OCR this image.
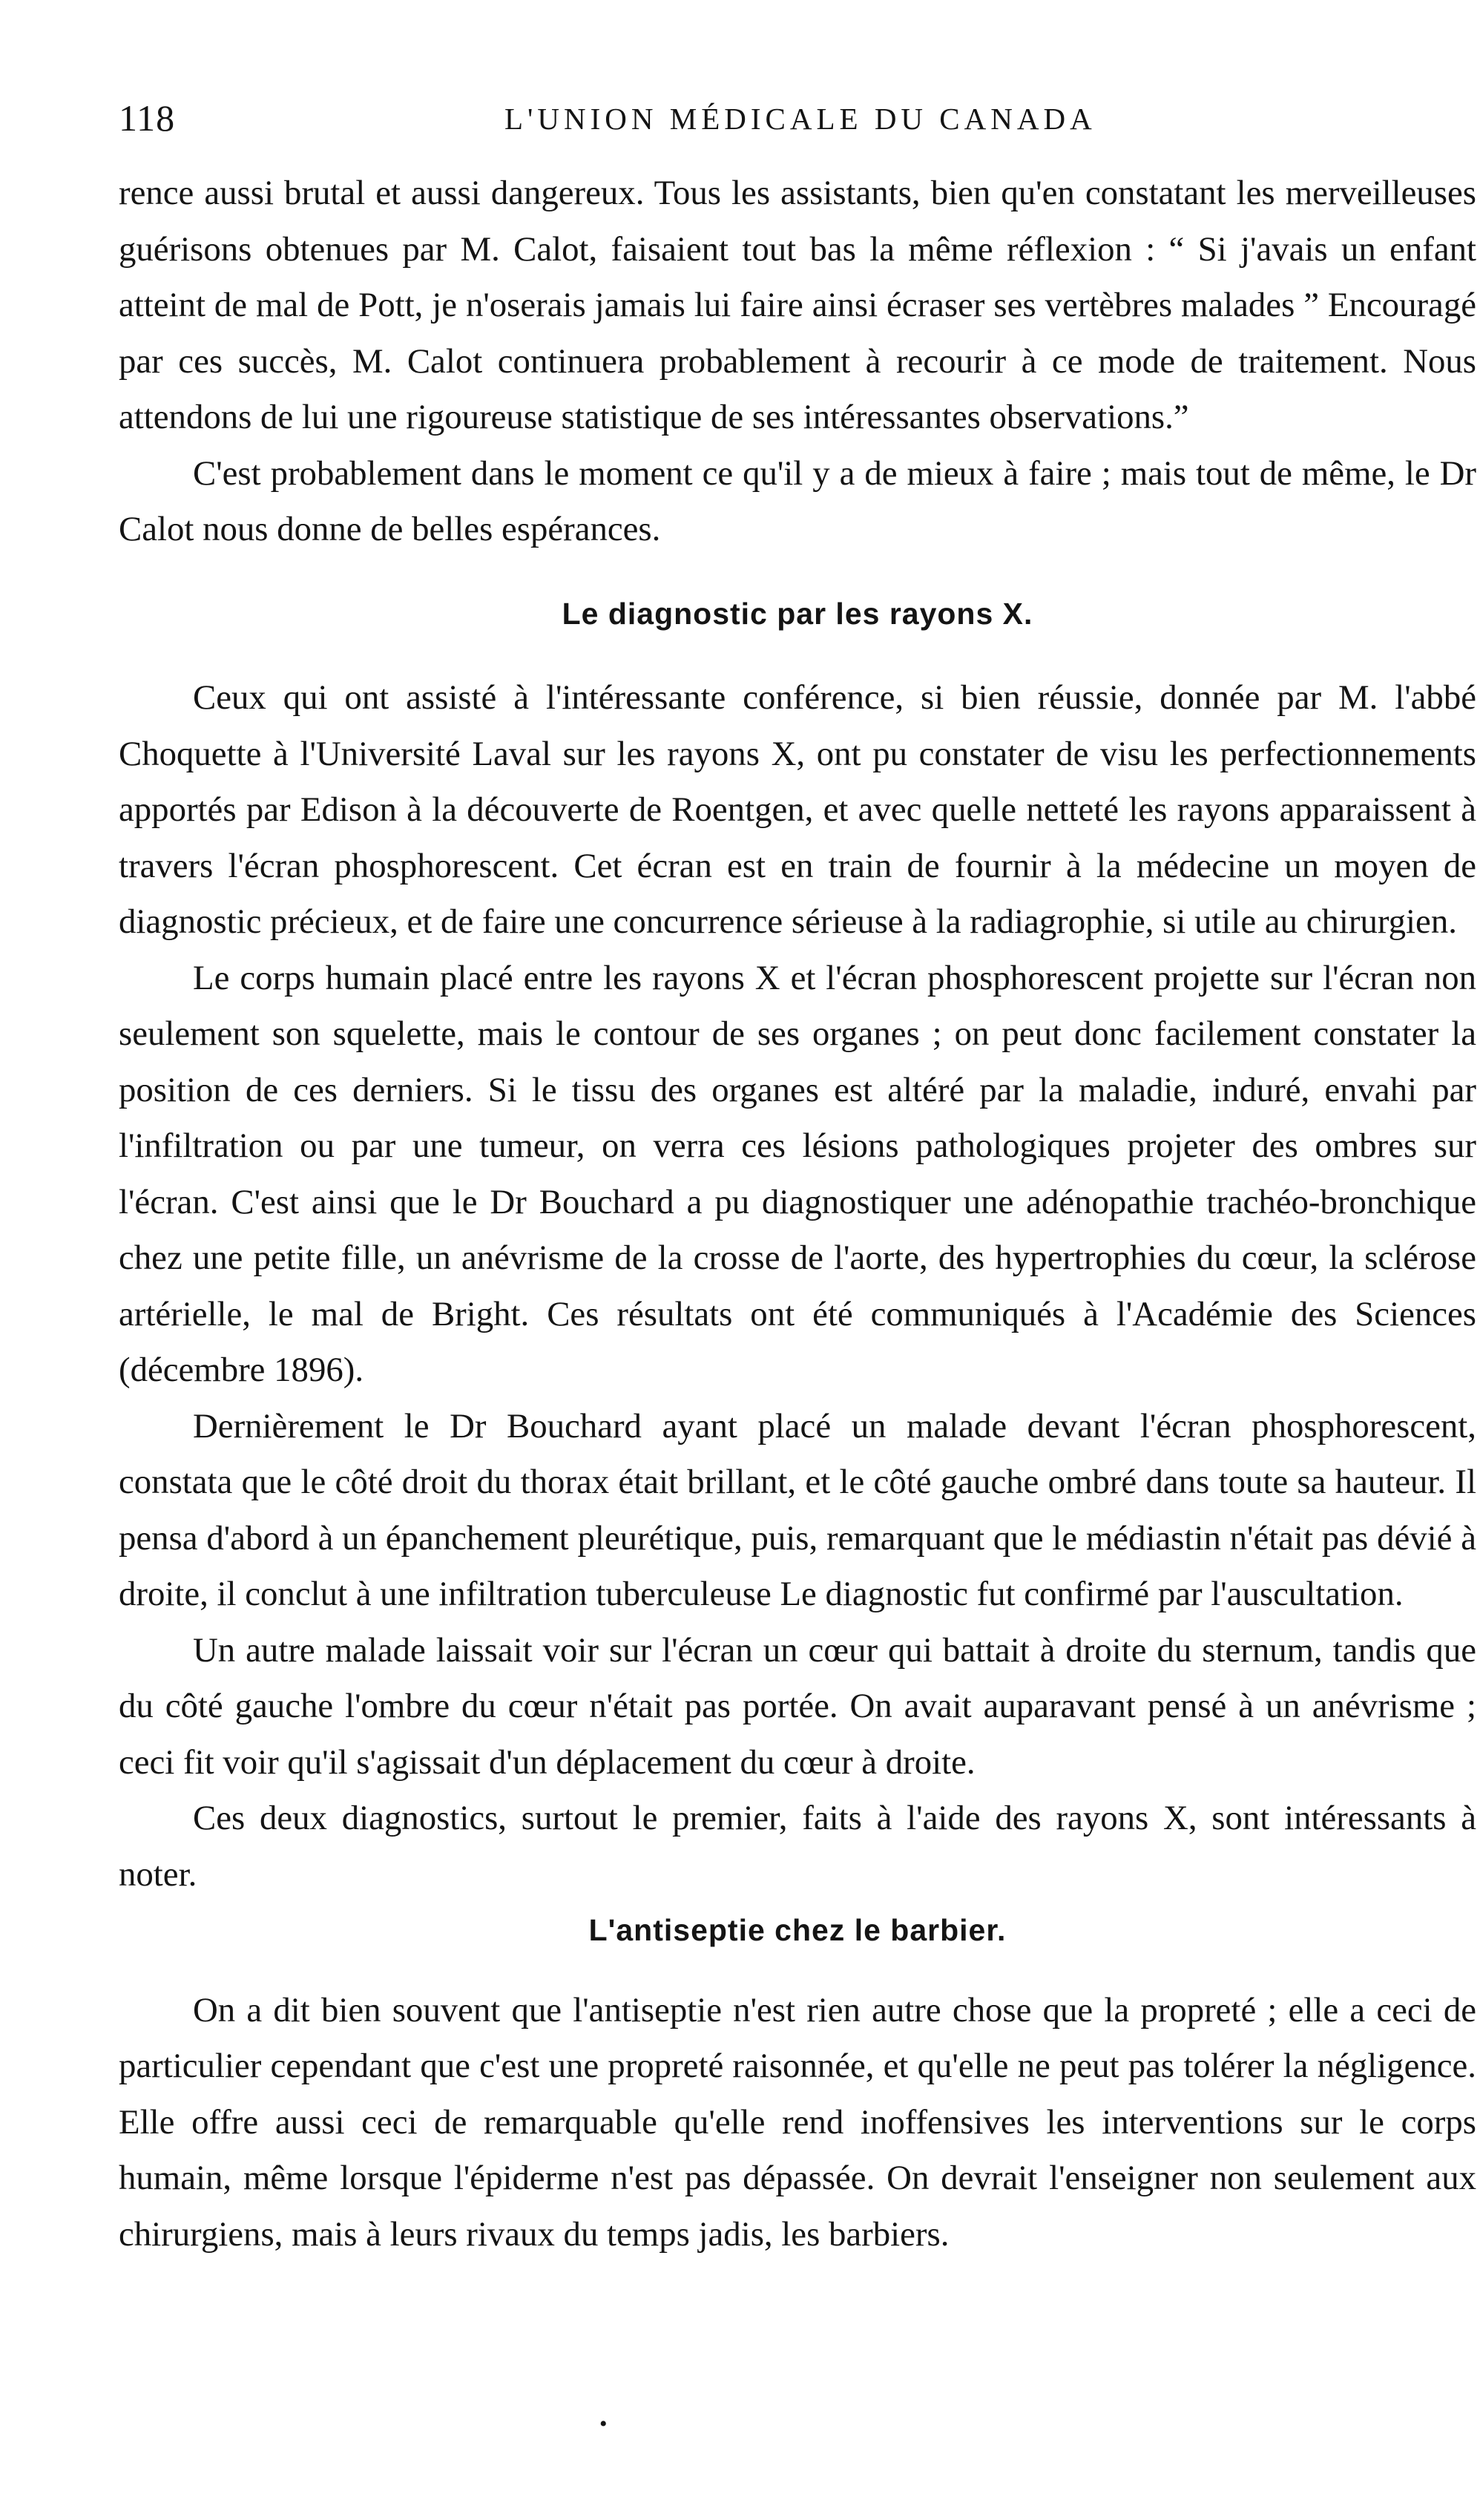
118	L'UNION MÉDICALE DU CANADA

rence aussi brutal et aussi dangereux. Tous les assistants, bien qu'en constatant les merveilleuses guérisons obtenues par M. Calot, faisaient tout bas la même réflexion : “ Si j'avais un enfant atteint de mal de Pott, je n'oserais jamais lui faire ainsi écraser ses vertèbres malades ” Encouragé par ces succès, M. Calot continuera probablement à recourir à ce mode de traitement. Nous attendons de lui une rigoureuse statistique de ses intéressantes observations.”

C'est probablement dans le moment ce qu'il y a de mieux à faire ; mais tout de même, le Dr Calot nous donne de belles espérances.

Le diagnostic par les rayons X.

Ceux qui ont assisté à l'intéressante conférence, si bien réussie, donnée par M. l'abbé Choquette à l'Université Laval sur les rayons X, ont pu constater de visu les perfectionnements apportés par Edison à la découverte de Roentgen, et avec quelle netteté les rayons apparaissent à travers l'écran phosphorescent. Cet écran est en train de fournir à la médecine un moyen de diagnostic précieux, et de faire une concurrence sérieuse à la radiagrophie, si utile au chirurgien.

Le corps humain placé entre les rayons X et l'écran phosphorescent projette sur l'écran non seulement son squelette, mais le contour de ses organes ; on peut donc facilement constater la position de ces derniers. Si le tissu des organes est altéré par la maladie, induré, envahi par l'infiltration ou par une tumeur, on verra ces lésions pathologiques projeter des ombres sur l'écran. C'est ainsi que le Dr Bouchard a pu diagnostiquer une adénopathie trachéo-bronchique chez une petite fille, un anévrisme de la crosse de l'aorte, des hypertrophies du cœur, la sclérose artérielle, le mal de Bright. Ces résultats ont été communiqués à l'Académie des Sciences (décembre 1896).

Dernièrement le Dr Bouchard ayant placé un malade devant l'écran phosphorescent, constata que le côté droit du thorax était brillant, et le côté gauche ombré dans toute sa hauteur. Il pensa d'abord à un épanchement pleurétique, puis, remarquant que le médiastin n'était pas dévié à droite, il conclut à une infiltration tuberculeuse Le diagnostic fut confirmé par l'auscultation.

Un autre malade laissait voir sur l'écran un cœur qui battait à droite du sternum, tandis que du côté gauche l'ombre du cœur n'était pas portée. On avait auparavant pensé à un anévrisme ; ceci fit voir qu'il s'agissait d'un déplacement du cœur à droite.

Ces deux diagnostics, surtout le premier, faits à l'aide des rayons X, sont intéressants à noter.

L'antiseptie chez le barbier.

On a dit bien souvent que l'antiseptie n'est rien autre chose que la propreté ; elle a ceci de particulier cependant que c'est une propreté raisonnée, et qu'elle ne peut pas tolérer la négligence. Elle offre aussi ceci de remarquable qu'elle rend inoffensives les interventions sur le corps humain, même lorsque l'épiderme n'est pas dépassée. On devrait l'enseigner non seulement aux chirurgiens, mais à leurs rivaux du temps jadis, les barbiers.

•
